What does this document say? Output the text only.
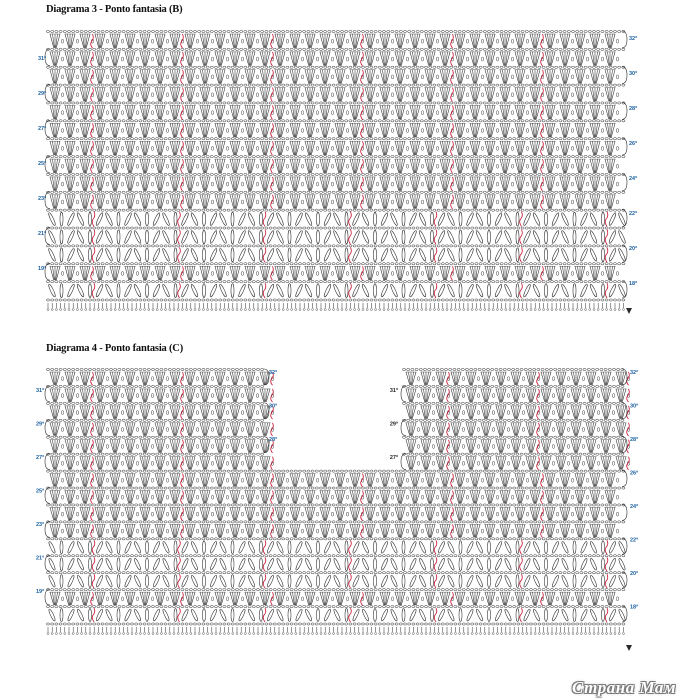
Diagrama 3 - Ponto fantasia (B)
Diagrama 4 - Ponto fantasia (C)
31ª
29ª
27ª
25ª
23ª
21ª
19ª
32ª
30ª
28ª
26ª
24ª
22ª
20ª
18ª
31ª
29ª
27ª
25ª
23ª
21ª
19ª
32ª
30ª
28ª
26ª
24ª
22ª
20ª
18ª
32ª
30ª
28ª
31ª
29ª
27ª
Страна Мам
